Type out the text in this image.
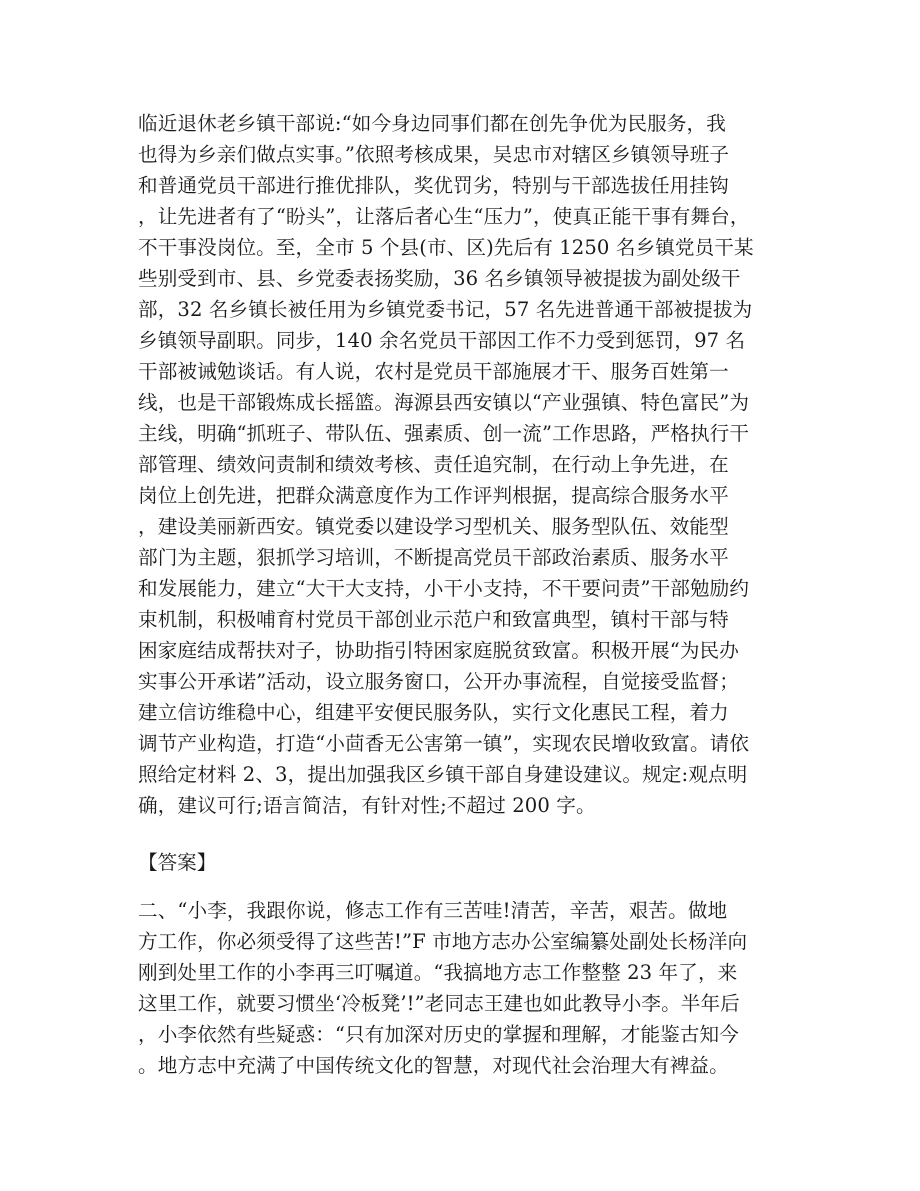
临近退休老乡镇干部说:“如今身边同事们都在创先争优为民服务，我
也得为乡亲们做点实事。”依照考核成果，吴忠市对辖区乡镇领导班子
和普通党员干部进行推优排队，奖优罚劣，特别与干部选拔任用挂钩
，让先进者有了“盼头”，让落后者心生“压力”，使真正能干事有舞台，
不干事没岗位。至，全市 5 个县(市、区)先后有 1250 名乡镇党员干某
些别受到市、县、乡党委表扬奖励，36 名乡镇领导被提拔为副处级干
部，32 名乡镇长被任用为乡镇党委书记，57 名先进普通干部被提拔为
乡镇领导副职。同步，140 余名党员干部因工作不力受到惩罚，97 名
干部被诫勉谈话。有人说，农村是党员干部施展才干、服务百姓第一
线，也是干部锻炼成长摇篮。海源县西安镇以“产业强镇、特色富民”为
主线，明确“抓班子、带队伍、强素质、创一流”工作思路，严格执行干
部管理、绩效问责制和绩效考核、责任追究制，在行动上争先进，在
岗位上创先进，把群众满意度作为工作评判根据，提高综合服务水平
，建设美丽新西安。镇党委以建设学习型机关、服务型队伍、效能型
部门为主题，狠抓学习培训，不断提高党员干部政治素质、服务水平
和发展能力，建立“大干大支持，小干小支持，不干要问责”干部勉励约
束机制，积极哺育村党员干部创业示范户和致富典型，镇村干部与特
困家庭结成帮扶对子，协助指引特困家庭脱贫致富。积极开展“为民办
实事公开承诺”活动，设立服务窗口，公开办事流程，自觉接受监督；
建立信访维稳中心，组建平安便民服务队，实行文化惠民工程，着力
调节产业构造，打造“小茴香无公害第一镇”，实现农民增收致富。请依
照给定材料 2、3，提出加强我区乡镇干部自身建设建议。规定:观点明
确，建议可行;语言简洁，有针对性;不超过 200 字。
【答案】
二、“小李，我跟你说，修志工作有三苦哇!清苦，辛苦，艰苦。做地
方工作，你必须受得了这些苦!”F 市地方志办公室编纂处副处长杨洋向
刚到处里工作的小李再三叮嘱道。“我搞地方志工作整整 23 年了，来
这里工作，就要习惯坐‘冷板凳’!”老同志王建也如此教导小李。半年后
，小李依然有些疑惑：“只有加深对历史的掌握和理解，才能鉴古知今
。地方志中充满了中国传统文化的智慧，对现代社会治理大有裨益。
